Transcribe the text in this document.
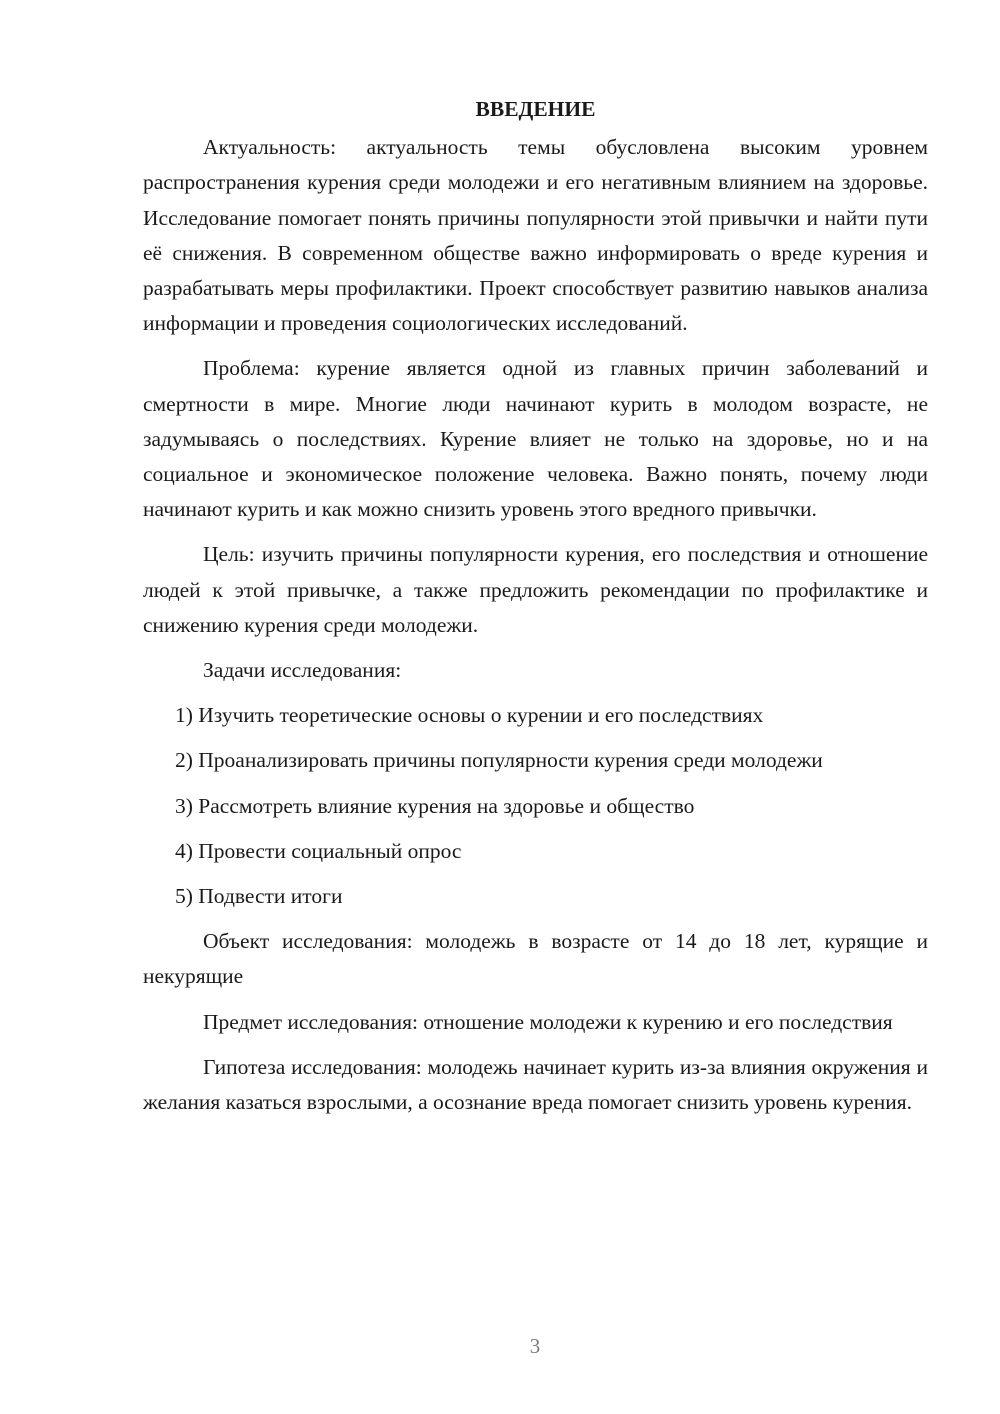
ВВЕДЕНИЕ

Актуальность: актуальность темы обусловлена высоким уровнем распространения курения среди молодежи и его негативным влиянием на здоровье. Исследование помогает понять причины популярности этой привычки и найти пути её снижения. В современном обществе важно информировать о вреде курения и разрабатывать меры профилактики. Проект способствует развитию навыков анализа информации и проведения социологических исследований.

Проблема: курение является одной из главных причин заболеваний и смертности в мире. Многие люди начинают курить в молодом возрасте, не задумываясь о последствиях. Курение влияет не только на здоровье, но и на социальное и экономическое положение человека. Важно понять, почему люди начинают курить и как можно снизить уровень этого вредного привычки.

Цель: изучить причины популярности курения, его последствия и отношение людей к этой привычке, а также предложить рекомендации по профилактике и снижению курения среди молодежи.

Задачи исследования:

1) Изучить теоретические основы о курении и его последствиях
2) Проанализировать причины популярности курения среди молодежи
3) Рассмотреть влияние курения на здоровье и общество
4) Провести социальный опрос
5) Подвести итоги

Объект исследования: молодежь в возрасте от 14 до 18 лет, курящие и некурящие

Предмет исследования: отношение молодежи к курению и его последствия

Гипотеза исследования: молодежь начинает курить из-за влияния окружения и желания казаться взрослыми, а осознание вреда помогает снизить уровень курения.

3
